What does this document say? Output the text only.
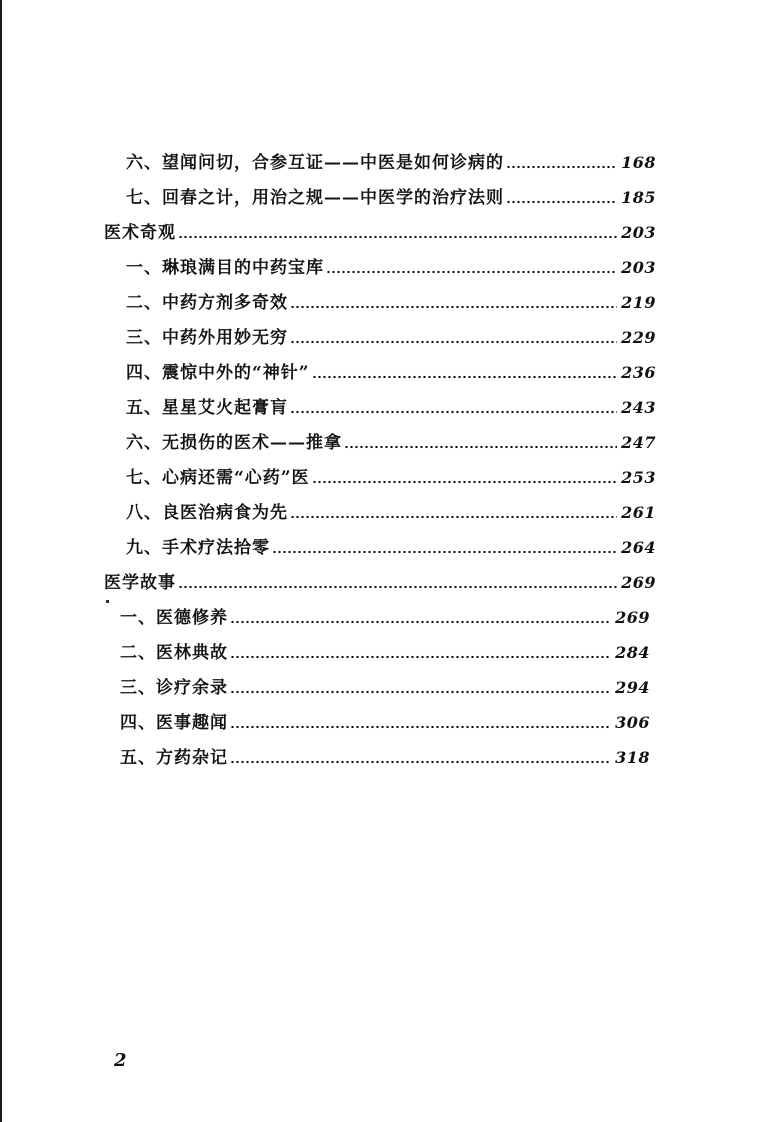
六、望闻问切，合参互证——中医是如何诊病的	168
七、回春之计，用治之规——中医学的治疗法则	185
医术奇观	203
一、琳琅满目的中药宝库	203
二、中药方剂多奇效	219
三、中药外用妙无穷	229
四、震惊中外的“神针”	236
五、星星艾火起膏肓	243
六、无损伤的医术——推拿	247
七、心病还需“心药”医	253
八、良医治病食为先	261
九、手术疗法拾零	264
医学故事	269
一、医德修养	269
二、医林典故	284
三、诊疗余录	294
四、医事趣闻	306
五、方药杂记	318
2
